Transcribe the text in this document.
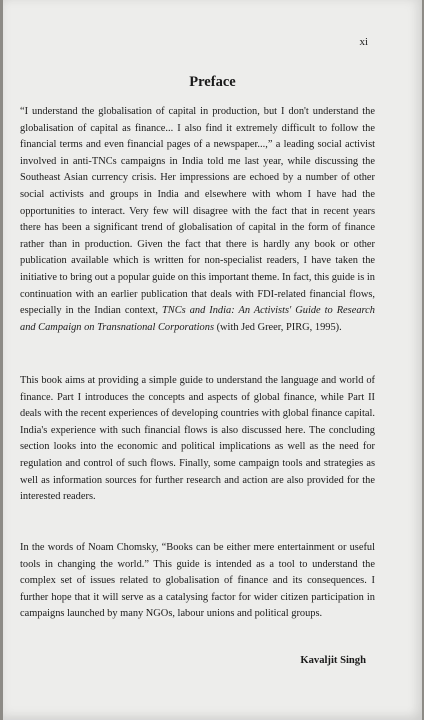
xi
Preface

“I understand the globalisation of capital in production, but I don't understand the globalisation of capital as finance... I also find it extremely difficult to follow the financial terms and even financial pages of a newspaper...,” a leading social activist involved in anti-TNCs campaigns in India told me last year, while discussing the Southeast Asian currency crisis. Her impressions are echoed by a number of other social activists and groups in India and elsewhere with whom I have had the opportunities to interact. Very few will disagree with the fact that in recent years there has been a significant trend of globalisation of capital in the form of finance rather than in production. Given the fact that there is hardly any book or other publication available which is written for non-specialist readers, I have taken the initiative to bring out a popular guide on this important theme. In fact, this guide is in continuation with an earlier publication that deals with FDI-related financial flows, especially in the Indian context, TNCs and India: An Activists' Guide to Research and Campaign on Transnational Corporations (with Jed Greer, PIRG, 1995).

This book aims at providing a simple guide to understand the language and world of finance. Part I introduces the concepts and aspects of global finance, while Part II deals with the recent experiences of developing countries with global finance capital. India's experience with such financial flows is also discussed here. The concluding section looks into the economic and political implications as well as the need for regulation and control of such flows. Finally, some campaign tools and strategies as well as information sources for further research and action are also provided for the interested readers.

In the words of Noam Chomsky, “Books can be either mere entertainment or useful tools in changing the world.” This guide is intended as a tool to understand the complex set of issues related to globalisation of finance and its consequences. I further hope that it will serve as a catalysing factor for wider citizen participation in campaigns launched by many NGOs, labour unions and political groups.

Kavaljit Singh
